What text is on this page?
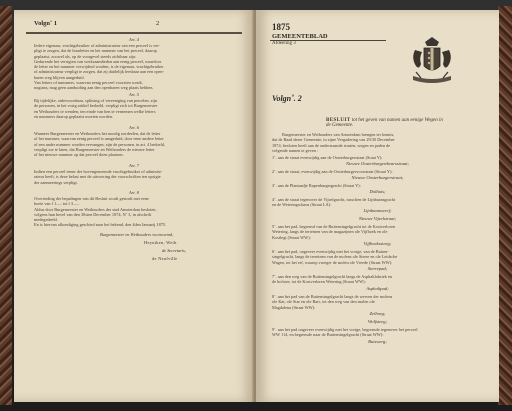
Volgn˚ 1	2
Art. 4
Iedere eigenaar, vruchtgebruiker of administrateur van een perceel is ver-
pligt te zorgen, dat de huurletter en het nummer van het perceel, daarop
geplaatst, zoowel als, op de voorgevel steeds zichtbaar zijn.
Gedurende het verrigten van werkzaamheden aan eenig perceel, waardoor
de letter en het nummer verwijderd worden, is de eigenaar, vruchtgebruiker
of administrateur verpligt te zorgen, dat zij duidelijk leesbaar aan een open-
baren weg blijven aangeduid.
Van letters of nummers, waarvan eenig perceel voorzien wordt,
nogtans, mag geen aanduiding aan den openbaren weg plaats hebben.
Art. 5
Bij tijdelijke, onbewoonbaar, splitsing of vereeniging van percelen, zijn
de personen, in het vorig artikel bedoeld, verpligt zich tot Burgemeester
en Wethouders te wenden, ten einde van hen te vernemen welke letters
en nummers daarop geplaatst moeten worden.
Art. 6
Wanneer Burgemeester en Wethouders het noodig oordeelen, dat de letter
of het nummer, waarvan eenig perceel is aangeduid, door eene andere letter
of een ander nummer worden vervangen, zijn de personen, in art. 4 bedoeld,
verpligt toe te laten, dat Burgemeester en Wethouders de nieuwe letter
of het nieuwe nummer op dat perceel doen plaatsen.
Art. 7
Indien een perceel eener der bovengenoemde vruchtgebruiker of administ-
rateur heeft, is deze belast met de uitvoering der voorschriften ten opzigte
der aanmeerings verpligt.
Art. 8
Overtreding der bepalingen van dit Besluit wordt gestraft met eene
boete van f 1.— tot f 3.—.
Aldus door Burgemeester en Wethouders der stad Amsterdam besloten,
volgens hun bevel van den 30sten December 1874, N˚ 3, in afschrift
medegedeeld.
En is hiervan afkondiging geschied naar het bekend, den 4den Januarij 1875.
Burgemeester en Wethouders voornoemd,
Heyniken, Weth.
de Secretaris,
de Neufville
1875
GEMEENTEBLAD
Afdeeling 3
Volgn˚. 2
BESLUIT tot het geven van namen aan eenige Wegen in
de Gemeente.
Burgemeester en Wethouders van Amsterdam brengen ter kennis,
dat de Raad dezer Gemeente, in zijne Vergadering van 29/30 December
1874, besloten heeft aan de onderstaande straten, wegen en paden de
volgende namen te geven :
1˚. aan de straat evenwijdig aan de Oosterburgerstraat (Sraat Y):
Nieuwe Oosterburgerdwarsstraat;
2˚. aan de straat, evenwijdig aan de Oosterburgervoorstraat (Straat Y):
Nieuwe Oosterburgerstraat;
3˚. aan de Plantaadje Rapenburgergracht (Straat Y):
Dolhuis;
4˚. aan de straat tegenover de Vijzelgracht, tusschen de Lijnbaansgracht
en de Weteringschans (Straat LA):
Lijnbaanswerf;
Nieuwe Vijzelstraat;
5˚. aan het pad, begrensd van de Buitensingelgracht tot de Kostverloren
Wetering, langs de terreinen van de magazijnen ole Vijfhoek en ole
Kostlegt (Straat WW):
Vijfhoekssteeg;
6˚. aan het pad, ongeveer evenwijdig met het vorige, van de Buiten-
singelgracht, langs de terreinen van de molens ole Sterre en ole Leidsche
Wagen, tot het erf, waarop vroeger de molen ole Vreede (Straat WW):
Sterrepad;
7˚. aan den weg van de Buitensingelgracht langs de Asphaltfabriek en
de hofstee, tot de Kostverloren Wetering (Straat WW):
Asphaltpad;
8˚. aan het pad van de Buitensingelgracht langs de werven der molens
ole Kat, ole Star en ole Bart, tot den weg van den molen ole
Magdalena (Straat WW):
Zelhorg;
Wolfsteeg;
9˚. aan het pad ongeveer evenwijdig met het vorige, begrensde tegenover het perceel
WW 114, en begrensde naar de Buitensingelgracht (Straat WW):
Buiswerg;
